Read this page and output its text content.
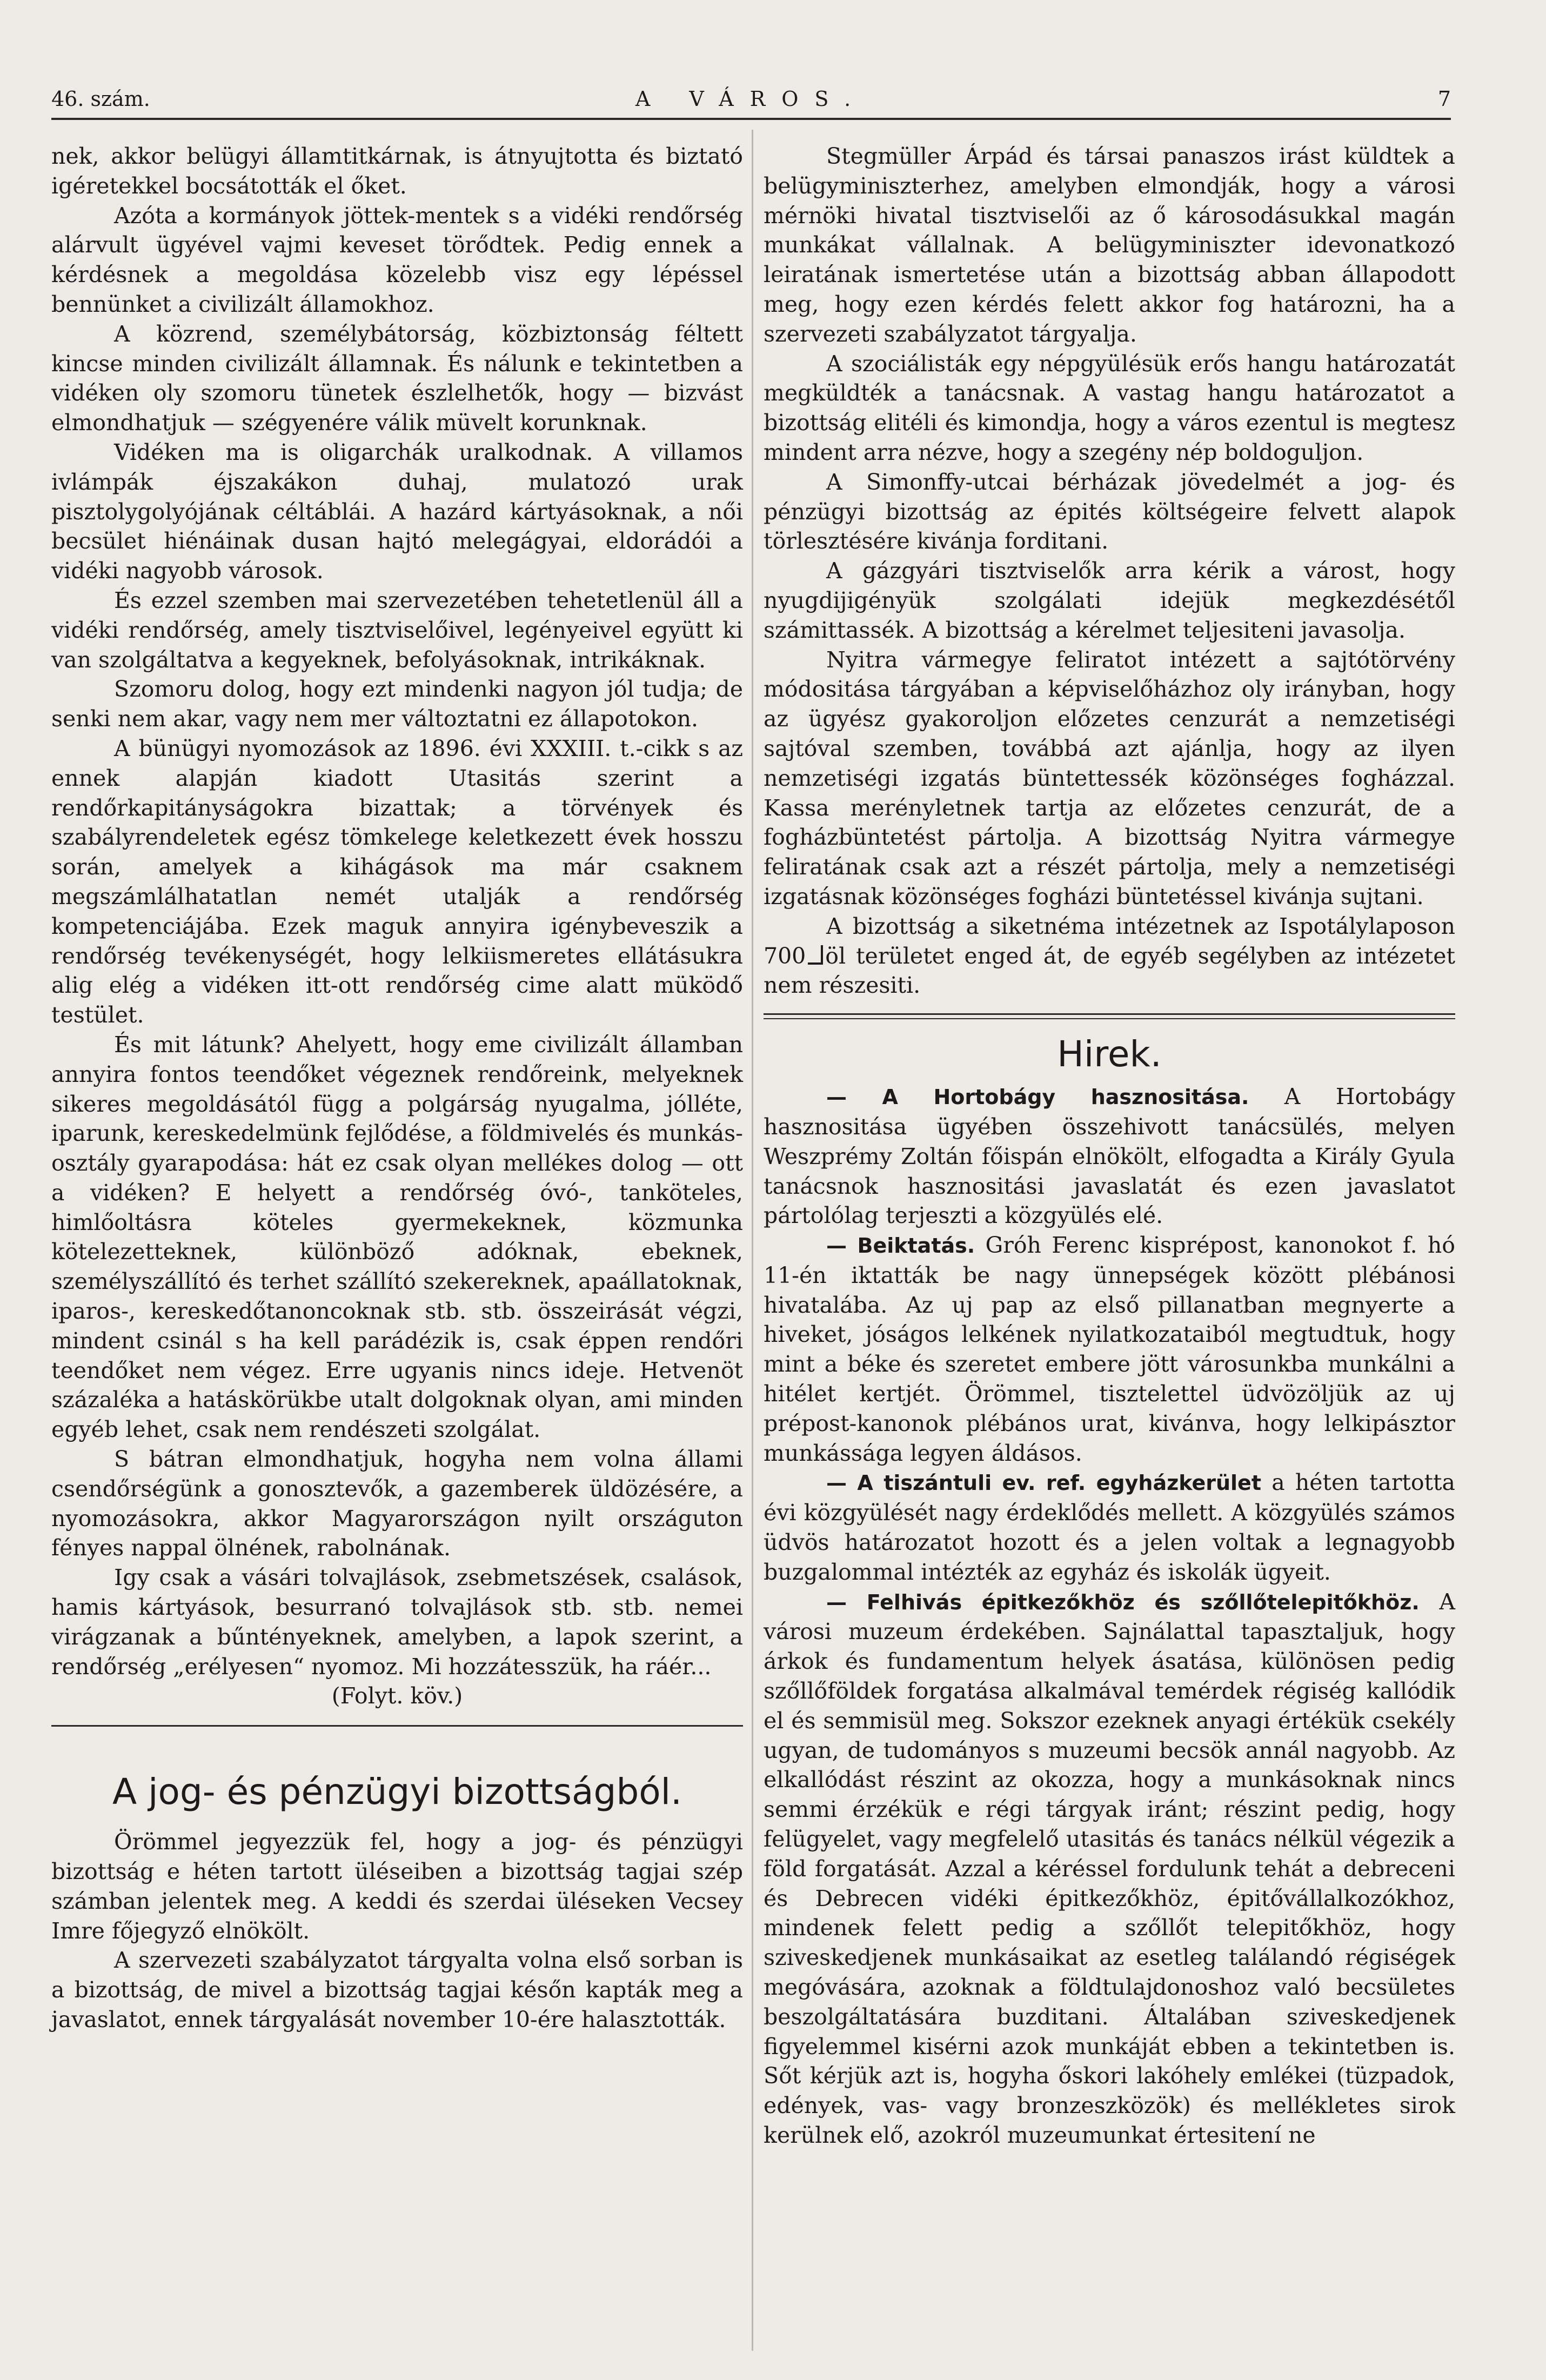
46. szám.	A VÁROS.	7

nek, akkor belügyi államtitkárnak, is átnyujtotta és biztató igéretekkel bocsátották el őket.

Azóta a kormányok jöttek-mentek s a vidéki rendőrség alárvult ügyével vajmi keveset törődtek. Pedig ennek a kérdésnek a megoldása közelebb visz egy lépéssel bennünket a civilizált államokhoz.

A közrend, személybátorság, közbiztonság féltett kincse minden civilizált államnak. És nálunk e tekintetben a vidéken oly szomoru tünetek észlelhetők, hogy — bizvást elmondhatjuk — szégyenére válik müvelt korunknak.

Vidéken ma is oligarchák uralkodnak. A villamos ivlámpák éjszakákon duhaj, mulatozó urak pisztolygolyójának céltáblái. A hazárd kártyásoknak, a női becsület hiénáinak dusan hajtó melegágyai, eldorádói a vidéki nagyobb városok.

És ezzel szemben mai szervezetében tehetetlenül áll a vidéki rendőrség, amely tisztviselőivel, legényeivel együtt ki van szolgáltatva a kegyeknek, befolyásoknak, intrikáknak.

Szomoru dolog, hogy ezt mindenki nagyon jól tudja; de senki nem akar, vagy nem mer változtatni ez állapotokon.

A bünügyi nyomozások az 1896. évi XXXIII. t.-cikk s az ennek alapján kiadott Utasitás szerint a rendőrkapitányságokra bizattak; a törvények és szabályrendeletek egész tömkelege keletkezett évek hosszu során, amelyek a kihágások ma már csaknem megszámlálhatatlan nemét utalják a rendőrség kompetenciájába. Ezek maguk annyira igénybeveszik a rendőrség tevékenységét, hogy lelkiismeretes ellátásukra alig elég a vidéken itt-ott rendőrség cime alatt müködő testület.

És mit látunk? Ahelyett, hogy eme civilizált államban annyira fontos teendőket végeznek rendőreink, melyeknek sikeres megoldásától függ a polgárság nyugalma, jólléte, iparunk, kereskedelmünk fejlődése, a földmivelés és munkás-osztály gyarapodása: hát ez csak olyan mellékes dolog — ott a vidéken? E helyett a rendőrség óvó-, tanköteles, himlőoltásra köteles gyermekeknek, közmunka kötelezetteknek, különböző adóknak, ebeknek, személyszállító és terhet szállító szekereknek, apaállatoknak, iparos-, kereskedőtanoncoknak stb. stb. összeirását végzi, mindent csinál s ha kell parádézik is, csak éppen rendőri teendőket nem végez. Erre ugyanis nincs ideje. Hetvenöt százaléka a hatáskörükbe utalt dolgoknak olyan, ami minden egyéb lehet, csak nem rendészeti szolgálat.

S bátran elmondhatjuk, hogyha nem volna állami csendőrségünk a gonosztevők, a gazemberek üldözésére, a nyomozásokra, akkor Magyarországon nyilt országuton fényes nappal ölnének, rabolnának.

Igy csak a vásári tolvajlások, zsebmetszések, csalások, hamis kártyások, besurranó tolvajlások stb. stb. nemei virágzanak a bűntényeknek, amelyben, a lapok szerint, a rendőrség „erélyesen“ nyomoz. Mi hozzátesszük, ha ráér...

(Folyt. köv.)

A jog- és pénzügyi bizottságból.

Örömmel jegyezzük fel, hogy a jog- és pénzügyi bizottság e héten tartott üléseiben a bizottság tagjai szép számban jelentek meg. A keddi és szerdai üléseken Vecsey Imre főjegyző elnökölt.

A szervezeti szabályzatot tárgyalta volna első sorban is a bizottság, de mivel a bizottság tagjai későn kapták meg a javaslatot, ennek tárgyalását november 10-ére halasztották.

Stegmüller Árpád és társai panaszos irást küldtek a belügyminiszterhez, amelyben elmondják, hogy a városi mérnöki hivatal tisztviselői az ő károsodásukkal magán munkákat vállalnak. A belügyminiszter idevonatkozó leiratának ismertetése után a bizottság abban állapodott meg, hogy ezen kérdés felett akkor fog határozni, ha a szervezeti szabályzatot tárgyalja.

A szociálisták egy népgyülésük erős hangu határozatát megküldték a tanácsnak. A vastag hangu határozatot a bizottság elitéli és kimondja, hogy a város ezentul is megtesz mindent arra nézve, hogy a szegény nép boldoguljon.

A Simonffy-utcai bérházak jövedelmét a jog- és pénzügyi bizottság az épités költségeire felvett alapok törlesztésére kivánja forditani.

A gázgyári tisztviselők arra kérik a várost, hogy nyugdijigényük szolgálati idejük megkezdésétől számittassék. A bizottság a kérelmet teljesiteni javasolja.

Nyitra vármegye feliratot intézett a sajtótörvény módositása tárgyában a képviselőházhoz oly irányban, hogy az ügyész gyakoroljon előzetes cenzurát a nemzetiségi sajtóval szemben, továbbá azt ajánlja, hogy az ilyen nemzetiségi izgatás büntettessék közönséges fogházzal. Kassa merényletnek tartja az előzetes cenzurát, de a fogházbüntetést pártolja. A bizottság Nyitra vármegye feliratának csak azt a részét pártolja, mely a nemzetiségi izgatásnak közönséges fogházi büntetéssel kivánja sujtani.

A bizottság a siketnéma intézetnek az Ispotálylaposon 700 öl területet enged át, de egyéb segélyben az intézetet nem részesiti.

Hirek.

— A Hortobágy hasznositása. A Hortobágy hasznositása ügyében összehivott tanácsülés, melyen Weszprémy Zoltán főispán elnökölt, elfogadta a Király Gyula tanácsnok hasznositási javaslatát és ezen javaslatot pártolólag terjeszti a közgyülés elé.

— Beiktatás. Gróh Ferenc kisprépost, kanonokot f. hó 11-én iktatták be nagy ünnepségek között plébánosi hivatalába. Az uj pap az első pillanatban megnyerte a hiveket, jóságos lelkének nyilatkozataiból megtudtuk, hogy mint a béke és szeretet embere jött városunkba munkálni a hitélet kertjét. Örömmel, tisztelettel üdvözöljük az uj prépost-kanonok plébános urat, kivánva, hogy lelkipásztor munkássága legyen áldásos.

— A tiszántuli ev. ref. egyházkerület a héten tartotta évi közgyülését nagy érdeklődés mellett. A közgyülés számos üdvös határozatot hozott és a jelen voltak a legnagyobb buzgalommal intézték az egyház és iskolák ügyeit.

— Felhivás épitkezőkhöz és szőllőtelepitőkhöz. A városi muzeum érdekében. Sajnálattal tapasztaljuk, hogy árkok és fundamentum helyek ásatása, különösen pedig szőllőföldek forgatása alkalmával temérdek régiség kallódik el és semmisül meg. Sokszor ezeknek anyagi értékük csekély ugyan, de tudományos s muzeumi becsök annál nagyobb. Az elkallódást részint az okozza, hogy a munkásoknak nincs semmi érzékük e régi tárgyak iránt; részint pedig, hogy felügyelet, vagy megfelelő utasitás és tanács nélkül végezik a föld forgatását. Azzal a kéréssel fordulunk tehát a debreceni és Debrecen vidéki épitkezőkhöz, épitővállalkozókhoz, mindenek felett pedig a szőllőt telepitőkhöz, hogy sziveskedjenek munkásaikat az esetleg találandó régiségek megóvására, azoknak a földtulajdonoshoz való becsületes beszolgáltatására buzditani. Általában sziveskedjenek figyelemmel kisérni azok munkáját ebben a tekintetben is. Sőt kérjük azt is, hogyha őskori lakóhely emlékei (tüzpadok, edények, vas- vagy bronzeszközök) és mellékletes sirok kerülnek elő, azokról muzeumunkat értesitení ne
